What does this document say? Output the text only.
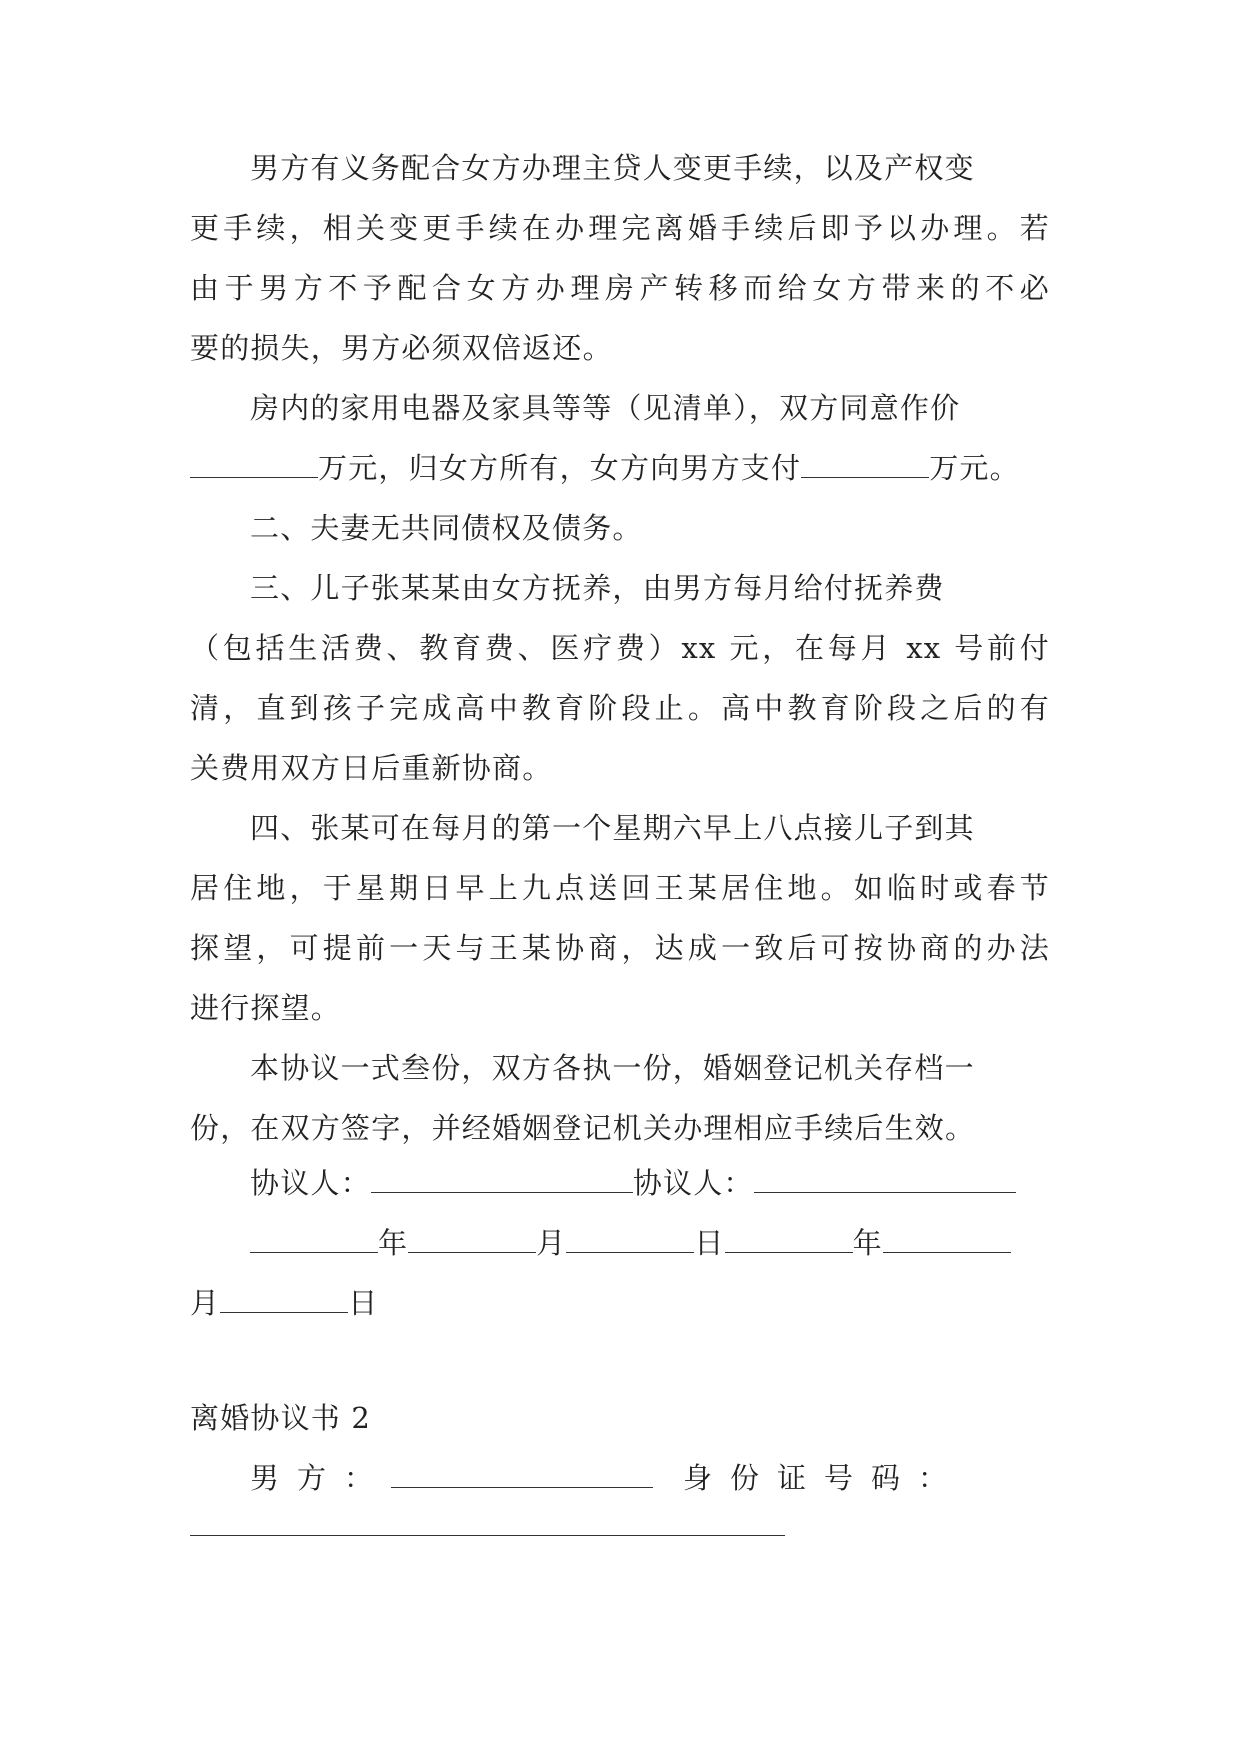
男方有义务配合女方办理主贷人变更手续，以及产权变
更手续，相关变更手续在办理完离婚手续后即予以办理。若
由于男方不予配合女方办理房产转移而给女方带来的不必
要的损失，男方必须双倍返还。
房内的家用电器及家具等等（见清单），双方同意作价
万元，归女方所有，女方向男方支付	万元。
二、夫妻无共同债权及债务。
三、儿子张某某由女方抚养，由男方每月给付抚养费
（包括生活费、教育费、医疗费）xx 元，在每月 xx 号前付
清，直到孩子完成高中教育阶段止。高中教育阶段之后的有
关费用双方日后重新协商。
四、张某可在每月的第一个星期六早上八点接儿子到其
居住地，于星期日早上九点送回王某居住地。如临时或春节
探望，可提前一天与王某协商，达成一致后可按协商的办法
进行探望。
本协议一式叁份，双方各执一份，婚姻登记机关存档一
份，在双方签字，并经婚姻登记机关办理相应手续后生效。
协议人：	协议人：
年	月	日	年
月	日
离婚协议书 2
男方：	身份证号码：
